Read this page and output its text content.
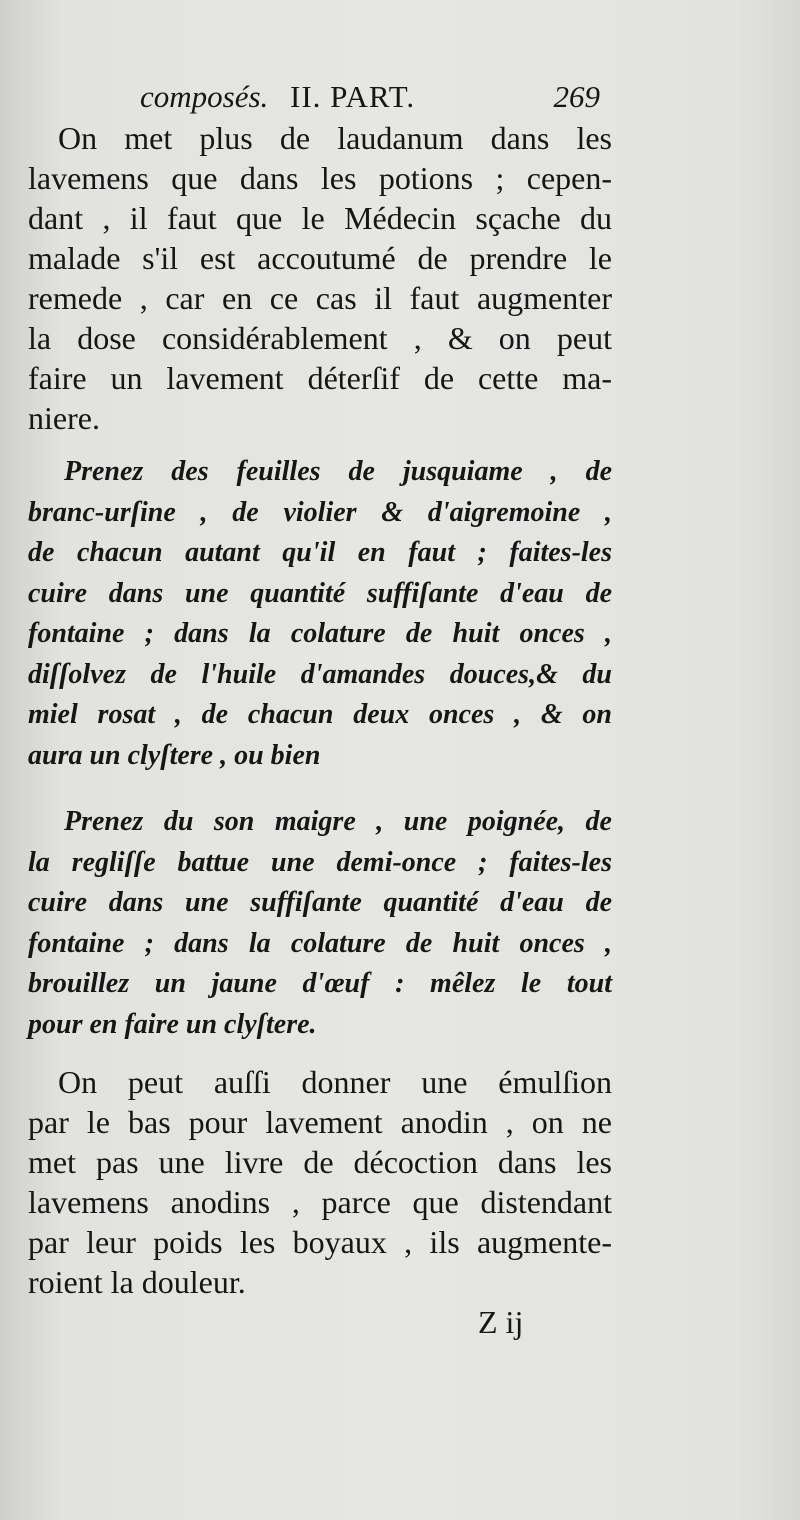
composés. II. PART.	269
On met plus de laudanum dans les
lavemens que dans les potions ; cepen-
dant , il faut que le Médecin sçache du
malade s'il est accoutumé de prendre le
remede , car en ce cas il faut augmenter
la dose considérablement , & on peut
faire un lavement déterſif de cette ma-
niere.
Prenez des feuilles de jusquiame , de
branc-urſine , de violier & d'aigremoine ,
de chacun autant qu'il en faut ; faites-les
cuire dans une quantité suffiſante d'eau de
fontaine ; dans la colature de huit onces ,
diſſolvez de l'huile d'amandes douces,& du
miel rosat , de chacun deux onces , & on
aura un clyſtere , ou bien
Prenez du son maigre , une poignée, de
la regliſſe battue une demi-once ; faites-les
cuire dans une suffiſante quantité d'eau de
fontaine ; dans la colature de huit onces ,
brouillez un jaune d'œuf : mêlez le tout
pour en faire un clyſtere.
On peut auſſi donner une émulſion
par le bas pour lavement anodin , on ne
met pas une livre de décoction dans les
lavemens anodins , parce que distendant
par leur poids les boyaux , ils augmente-
roient la douleur.
Z ij
